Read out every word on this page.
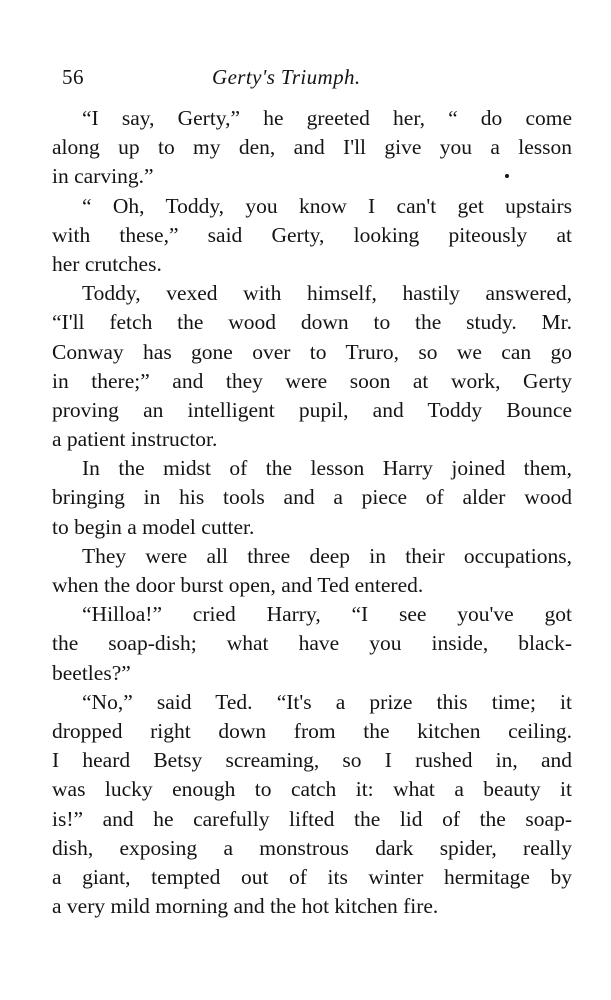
56	Gerty's Triumph.
“I say, Gerty,” he greeted her, “ do come
along up to my den, and I'll give you a lesson
in carving.”
“ Oh, Toddy, you know I can't get upstairs
with these,” said Gerty, looking piteously at
her crutches.
Toddy, vexed with himself, hastily answered,
“I'll fetch the wood down to the study. Mr.
Conway has gone over to Truro, so we can go
in there;” and they were soon at work, Gerty
proving an intelligent pupil, and Toddy Bounce
a patient instructor.
In the midst of the lesson Harry joined them,
bringing in his tools and a piece of alder wood
to begin a model cutter.
They were all three deep in their occupations,
when the door burst open, and Ted entered.
“Hilloa!” cried Harry, “I see you've got
the soap-dish; what have you inside, black-
beetles?”
“No,” said Ted. “It's a prize this time; it
dropped right down from the kitchen ceiling.
I heard Betsy screaming, so I rushed in, and
was lucky enough to catch it: what a beauty it
is!” and he carefully lifted the lid of the soap-
dish, exposing a monstrous dark spider, really
a giant, tempted out of its winter hermitage by
a very mild morning and the hot kitchen fire.
